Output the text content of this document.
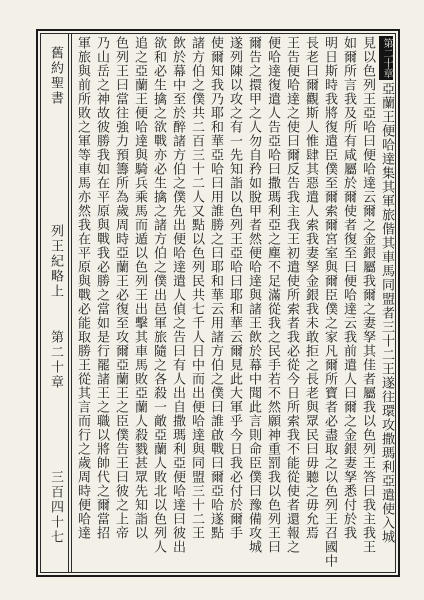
舊約聖書
列王紀略上
第二十章
三百四十七
第二十章亞蘭王便哈達集其軍旅偕其車馬同盟者三十二王遂往環攻撒瑪利亞遣使入城
見以色列王亞哈曰便哈達云爾之金銀屬我爾之妻孥其佳者屬我以色列王答曰我主我王
如爾所言我及所有咸屬於爾使者復至曰便哈達云我前遣人曰爾之金銀妻孥悉付於我
明日斯時我將復遣臣僕至爾索爾宮室與爾臣僕之家凡爾所寶者必盡取之以色列王召國中
長老曰爾觀斯人惟肆其惡遣人索我妻孥金銀我未敢拒之長老與眾民曰毋聽之毋允焉
王告便哈達之使曰爾反告我主我王初遣使所索者我必從今日所索我不能從使者還報之
便哈達復遣人告亞哈曰撒瑪利亞之塵不足滿從我之民手若不然願神重罰我以色列王曰
爾告之擐甲之人勿自矜如脫甲者然便哈達與諸王飲於幕中聞此言則命臣僕曰豫備攻城
遂列陳以攻之有一先知詣以色列王亞哈曰耶和華云爾見此大軍乎今日我必付於爾手
使爾知我乃耶和華亞哈曰用誰勝之曰耶和華云用諸方伯之僕曰誰啟戰曰爾亞哈遂點
諸方伯之僕共二百三十二人又點以色列民共七千人日中而出便哈達與同盟三十二王
飲於幕中至於醉諸方伯之僕先出便哈達遣人偵之告曰有人出自撒瑪利亞便哈達曰彼出
欲和必生擒之欲戰亦必生擒之諸方伯之僕出邑軍旅隨之各殺一敵亞蘭人敗北以色列人
追之亞蘭王便哈達與騎兵乘馬而遁以色列王出擊其車馬敗亞蘭人殺戮甚眾先知詣以
色列王曰當往強力預籌所為歲周時亞蘭王必復至攻爾亞蘭王之臣僕告王曰彼之上帝
乃山岳之神故彼勝我如在平原與戰我必勝之當如是行罷諸王之職以將帥代之爾當招
軍旅與前所敗之軍等車馬亦然我在平原與戰必能取勝王從其言而行之歲周時便哈達
